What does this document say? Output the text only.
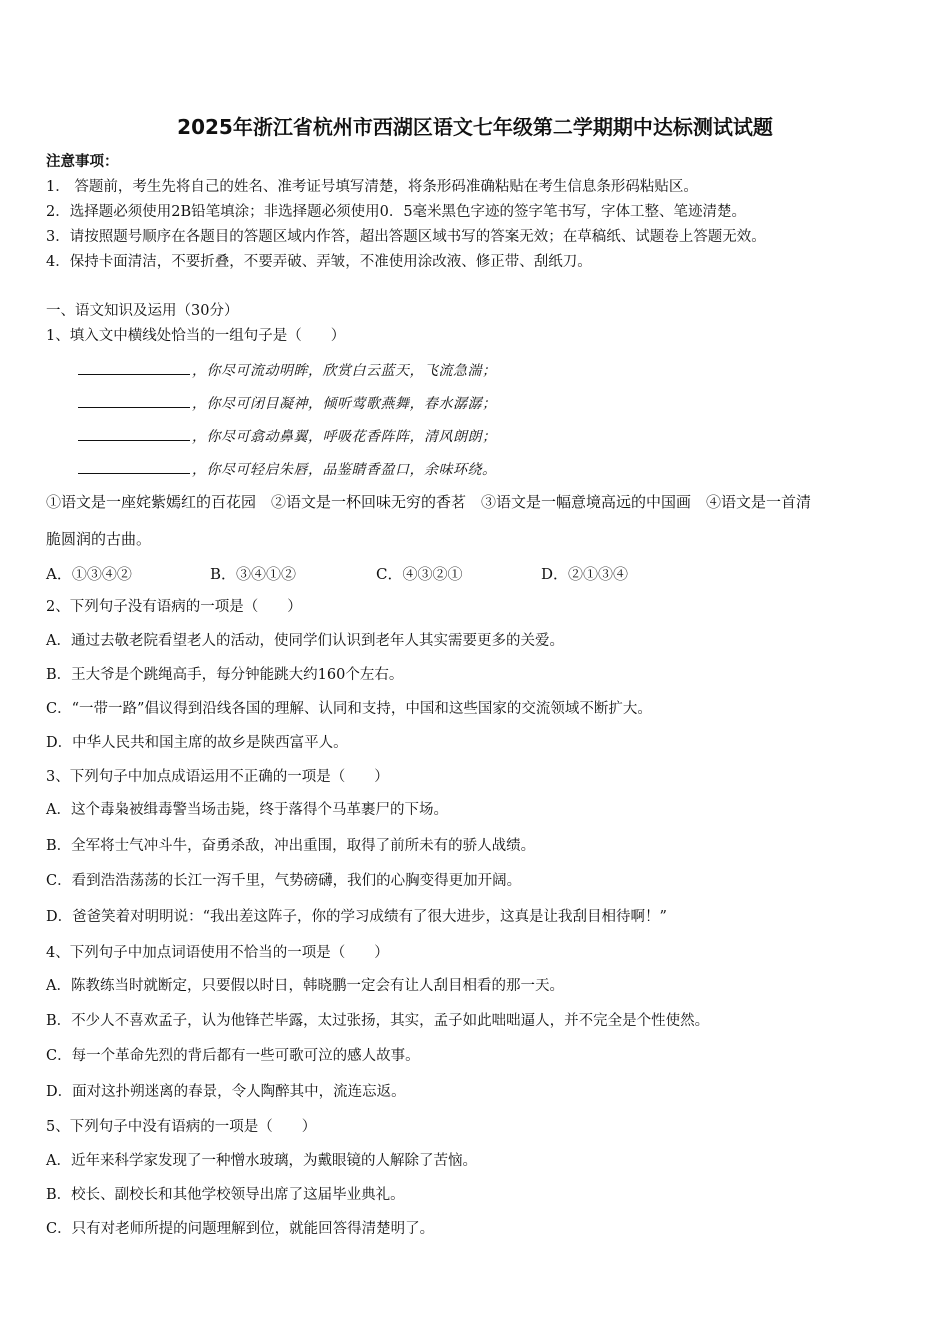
2025年浙江省杭州市西湖区语文七年级第二学期期中达标测试试题
注意事项：
1． 答题前，考生先将自己的姓名、准考证号填写清楚，将条形码准确粘贴在考生信息条形码粘贴区。
2．选择题必须使用2B铅笔填涂；非选择题必须使用0．5毫米黑色字迹的签字笔书写，字体工整、笔迹清楚。
3．请按照题号顺序在各题目的答题区域内作答，超出答题区域书写的答案无效；在草稿纸、试题卷上答题无效。
4．保持卡面清洁，不要折叠，不要弄破、弄皱，不准使用涂改液、修正带、刮纸刀。
一、语文知识及运用（30分）
1、填入文中横线处恰当的一组句子是（　　）
，你尽可流动明眸，欣赏白云蓝天，飞流急湍；
，你尽可闭目凝神，倾听莺歌燕舞，春水潺潺；
，你尽可翕动鼻翼，呼吸花香阵阵，清风朗朗；
，你尽可轻启朱唇，品鉴睛香盈口，余味环绕。
①语文是一座姹紫嫣红的百花园　②语文是一杯回味无穷的香茗　③语文是一幅意境高远的中国画　④语文是一首清
脆圆润的古曲。
A．①③④②	B．③④①②	C．④③②①	D．②①③④
2、下列句子没有语病的一项是（　　）
A．通过去敬老院看望老人的活动，使同学们认识到老年人其实需要更多的关爱。
B．王大爷是个跳绳高手，每分钟能跳大约160个左右。
C．“一带一路”倡议得到沿线各国的理解、认同和支持，中国和这些国家的交流领域不断扩大。
D．中华人民共和国主席的故乡是陕西富平人。
3、下列句子中加点成语运用不正确的一项是（　　）
A．这个毒枭被缉毒警当场击毙，终于落得个马革裹尸的下场。
B．全军将士气冲斗牛，奋勇杀敌，冲出重围，取得了前所未有的骄人战绩。
C．看到浩浩荡荡的长江一泻千里，气势磅礴，我们的心胸变得更加开阔。
D．爸爸笑着对明明说：“我出差这阵子，你的学习成绩有了很大进步，这真是让我刮目相待啊！”
4、下列句子中加点词语使用不恰当的一项是（　　）
A．陈教练当时就断定，只要假以时日，韩晓鹏一定会有让人刮目相看的那一天。
B．不少人不喜欢孟子，认为他锋芒毕露，太过张扬，其实，孟子如此咄咄逼人，并不完全是个性使然。
C．每一个革命先烈的背后都有一些可歌可泣的感人故事。
D．面对这扑朔迷离的春景，令人陶醉其中，流连忘返。
5、下列句子中没有语病的一项是（　　）
A．近年来科学家发现了一种憎水玻璃，为戴眼镜的人解除了苦恼。
B．校长、副校长和其他学校领导出席了这届毕业典礼。
C．只有对老师所提的问题理解到位，就能回答得清楚明了。
